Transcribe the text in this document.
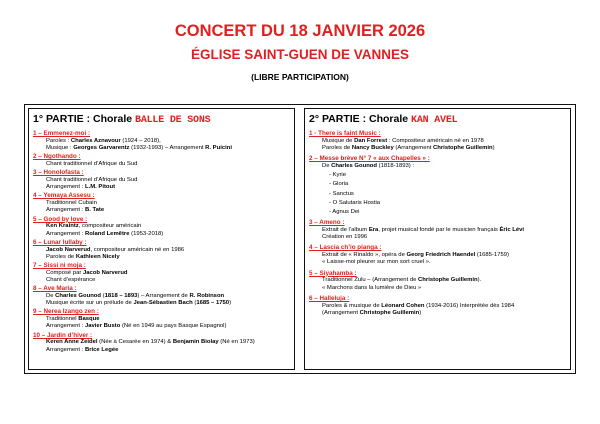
CONCERT DU 18 JANVIER 2026
ÉGLISE SAINT-GUEN DE VANNES
(LIBRE PARTICIPATION)
1° PARTIE : Chorale BALLE DE SONS
1 – Emmenez-moi :
Paroles : Charles Aznavour (1924 – 2018),
Musique : Georges Garvarentz (1932-1993) – Arrangement R. Puicini
2 – Ngothando :
Chant traditionnel d’Afrique du Sud
3 – Honolofasta :
Chant traditionnel d’Afrique du Sud
Arrangement : L.M. Pitout
4 – Yemaya Assesu :
Traditionnel Cubain
Arrangement : B. Tate
5 – Good by love :
Ken Kraintz, compositeur américain
Arrangement : Roland Lemêtre (1953-2018)
6 – Lunar lullaby :
Jacob Narverud, compositeur américain né en 1986
Paroles de Kathleen Nicely
7 – Sissi ni moja :
Composé par Jacob Narverud
Chant d’espérance
8 – Ave Maria :
De Charles Gounod (1818 – 1893) – Arrangement de R. Robinson
Musique écrite sur un prélude de Jean-Sébastien Bach (1685 – 1750)
9 – Nerea Izango zen :
Traditionnel Basque
Arrangement : Javier Busto (Né en 1949 au pays Basque Espagnol)
10 – Jardin d’hiver :
Keren Anne Zeidel (Née à Cesarée en 1974) & Benjamin Biolay (Né en 1973)
Arrangement : Brice Legée
2° PARTIE : Chorale KAN AVEL
1 - There is faint Music :
Musique de Dan Forrest : Compositeur américain né en 1978
Paroles de Nancy Buckley (Arrangement Christophe Guillemin)
2 – Messe brève N° 7 « aux Chapelles » :
De Charles Gounod (1818-1893) :
- Kyrie
- Gloria
- Sanctus
- O Salutaris Hostia
- Agnus Dei
3 – Ameno :
Extrait de l’album Era, projet musical fondé par le musicien français Éric Lévi
Création en 1996
4 – Lascia ch’io pianga :
Extrait de « Rinaldo », opéra de Georg Friedrich Haendel (1685-1759)
« Laisse-moi pleurer sur mon sort cruel ».
5 – Siyahamba :
Traditionnel Zulu – (Arrangement de Christophe Guillemin).
« Marchons dans la lumière de Dieu »
6 – Halleluja :
Paroles & musique de Léonard Cohen (1934-2016) Interprétée dès 1984
(Arrangement Christophe Guillemin)
